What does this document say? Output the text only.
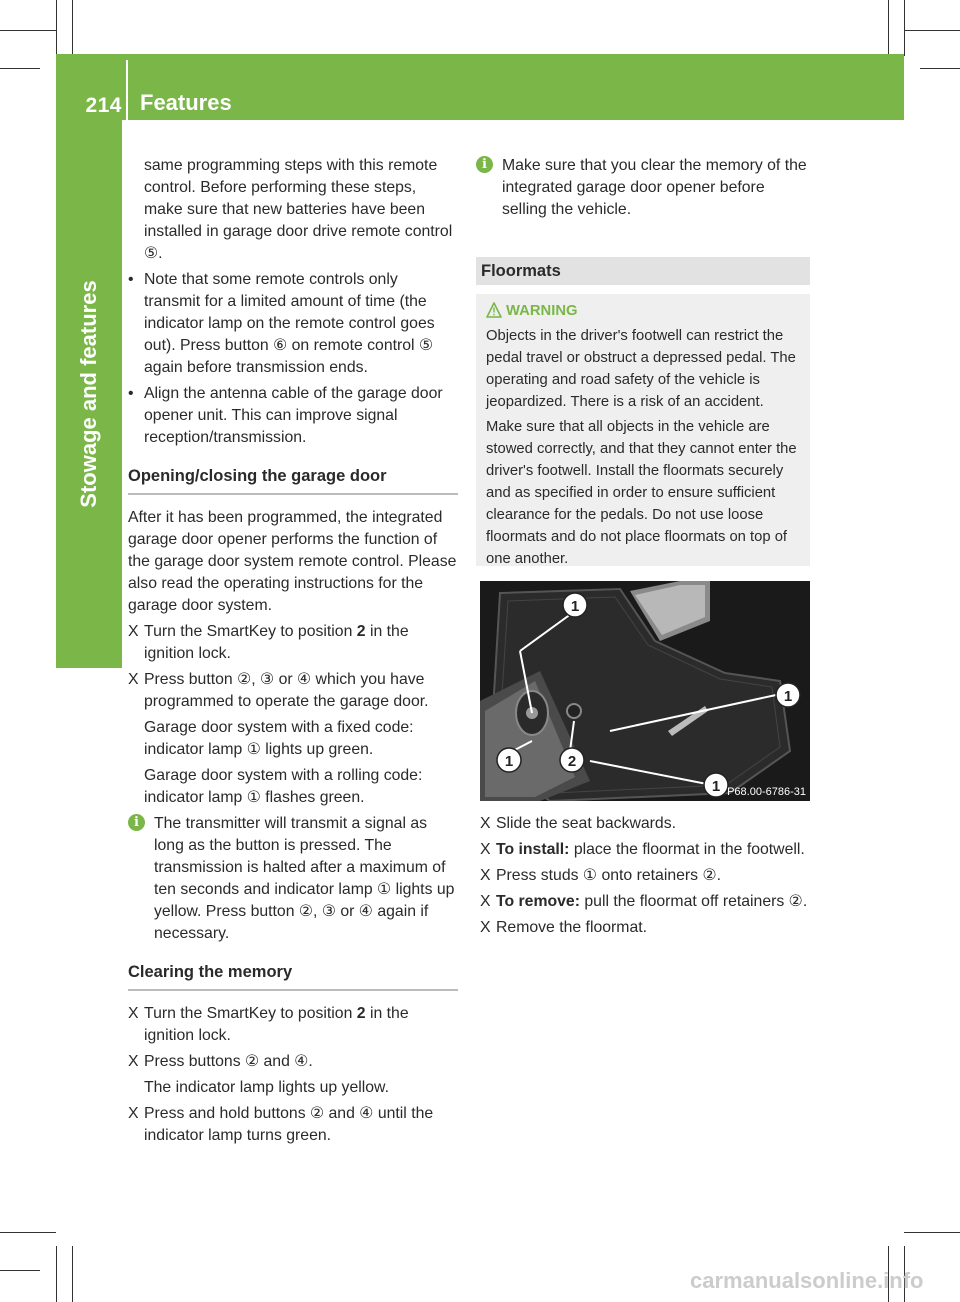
214 Features
Stowage and features

same programming steps with this remote control. Before performing these steps, make sure that new batteries have been installed in garage door drive remote control ⑤.

• Note that some remote controls only transmit for a limited amount of time (the indicator lamp on the remote control goes out). Press button ⑥ on remote control ⑤ again before transmission ends.
• Align the antenna cable of the garage door opener unit. This can improve signal reception/transmission.
Opening/closing the garage door

After it has been programmed, the integrated garage door opener performs the function of the garage door system remote control. Please also read the operating instructions for the garage door system.

X Turn the SmartKey to position 2 in the ignition lock.
X Press button ②, ③ or ④ which you have programmed to operate the garage door.

Garage door system with a fixed code: indicator lamp ① lights up green.

Garage door system with a rolling code: indicator lamp ① flashes green.

i The transmitter will transmit a signal as long as the button is pressed. The transmission is halted after a maximum of ten seconds and indicator lamp ① lights up yellow. Press button ②, ③ or ④ again if necessary.
Clearing the memory
X Turn the SmartKey to position 2 in the ignition lock.
X Press buttons ② and ④.

The indicator lamp lights up yellow.

X Press and hold buttons ② and ④ until the indicator lamp turns green.
i Make sure that you clear the memory of the integrated garage door opener before selling the vehicle.
Floormats
WARNING

Objects in the driver's footwell can restrict the pedal travel or obstruct a depressed pedal. The operating and road safety of the vehicle is jeopardized. There is a risk of an accident.

Make sure that all objects in the vehicle are stowed correctly, and that they cannot enter the driver's footwell. Install the floormats securely and as specified in order to ensure sufficient clearance for the pedals. Do not use loose floormats and do not place floormats on top of one another.

1
1
1	2
1 P68.00-6786-31
X Slide the seat backwards.
X To install: place the floormat in the footwell.
X Press studs ① onto retainers ②.
X To remove: pull the floormat off retainers ②.
X Remove the floormat.
carmanualsonline.info
